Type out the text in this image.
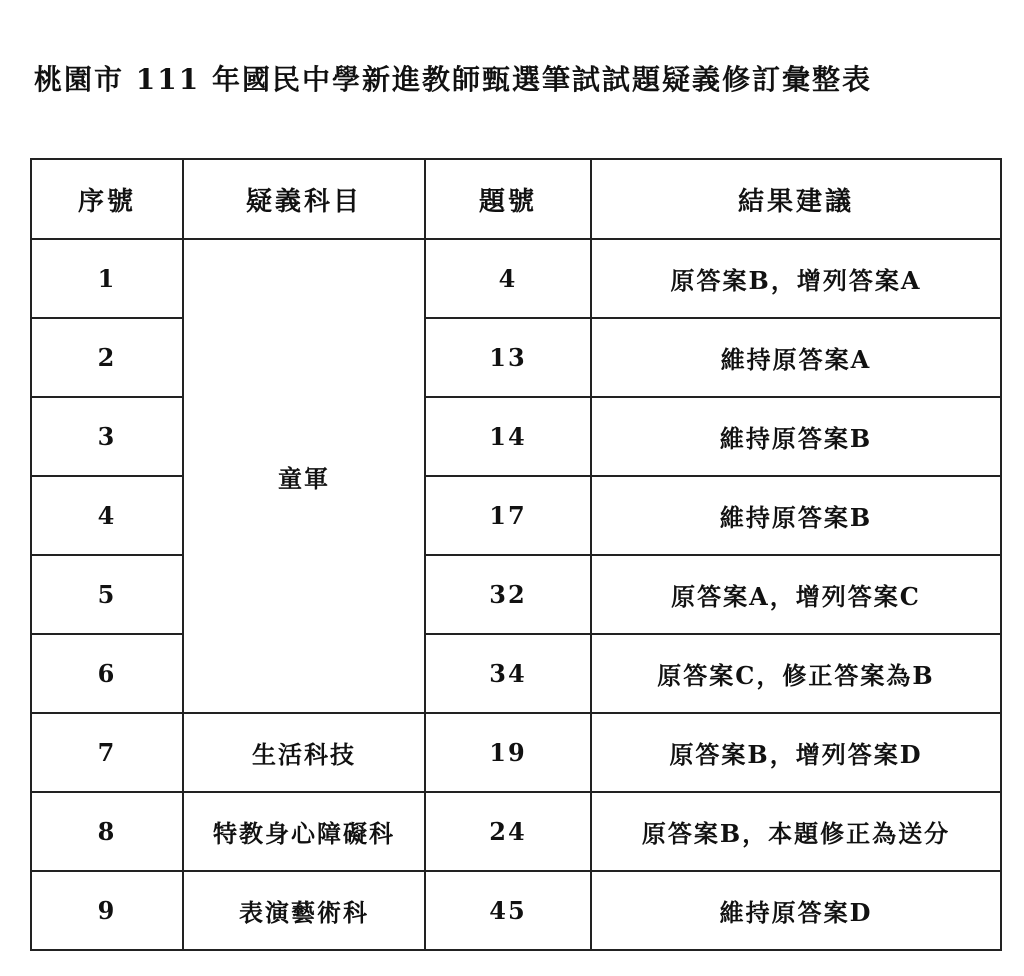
桃園市 111 年國民中學新進教師甄選筆試試題疑義修訂彙整表
序號	疑義科目	題號	結果建議
1	童軍	4	原答案B，增列答案A
2		13	維持原答案A
3		14	維持原答案B
4		17	維持原答案B
5		32	原答案A，增列答案C
6		34	原答案C，修正答案為B
7	生活科技	19	原答案B，增列答案D
8	特教身心障礙科	24	原答案B，本題修正為送分
9	表演藝術科	45	維持原答案D
